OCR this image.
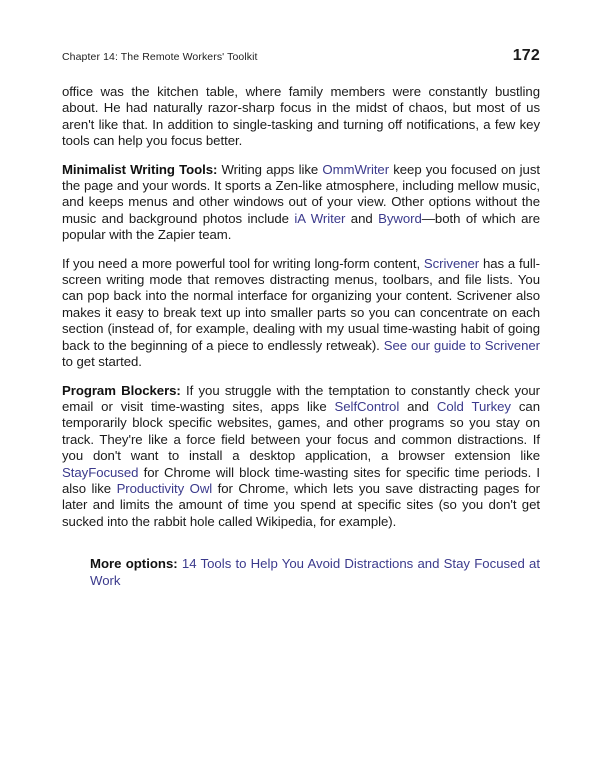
Chapter 14: The Remote Workers' Toolkit	172

office was the kitchen table, where family members were constantly bustling about. He had naturally razor-sharp focus in the midst of chaos, but most of us aren't like that. In addition to single-tasking and turning off notifications, a few key tools can help you focus better.

Minimalist Writing Tools: Writing apps like OmmWriter keep you focused on just the page and your words. It sports a Zen-like atmosphere, including mellow music, and keeps menus and other windows out of your view. Other options without the music and background photos include iA Writer and Byword—both of which are popular with the Zapier team.

If you need a more powerful tool for writing long-form content, Scrivener has a full-screen writing mode that removes distracting menus, toolbars, and file lists. You can pop back into the normal interface for organizing your content. Scrivener also makes it easy to break text up into smaller parts so you can concentrate on each section (instead of, for example, dealing with my usual time-wasting habit of going back to the beginning of a piece to endlessly retweak). See our guide to Scrivener to get started.

Program Blockers: If you struggle with the temptation to constantly check your email or visit time-wasting sites, apps like SelfControl and Cold Turkey can temporarily block specific websites, games, and other programs so you stay on track. They're like a force field between your focus and common distractions. If you don't want to install a desktop application, a browser extension like StayFocused for Chrome will block time-wasting sites for specific time periods. I also like Productivity Owl for Chrome, which lets you save distracting pages for later and limits the amount of time you spend at specific sites (so you don't get sucked into the rabbit hole called Wikipedia, for example).

More options: 14 Tools to Help You Avoid Distractions and Stay Focused at Work
